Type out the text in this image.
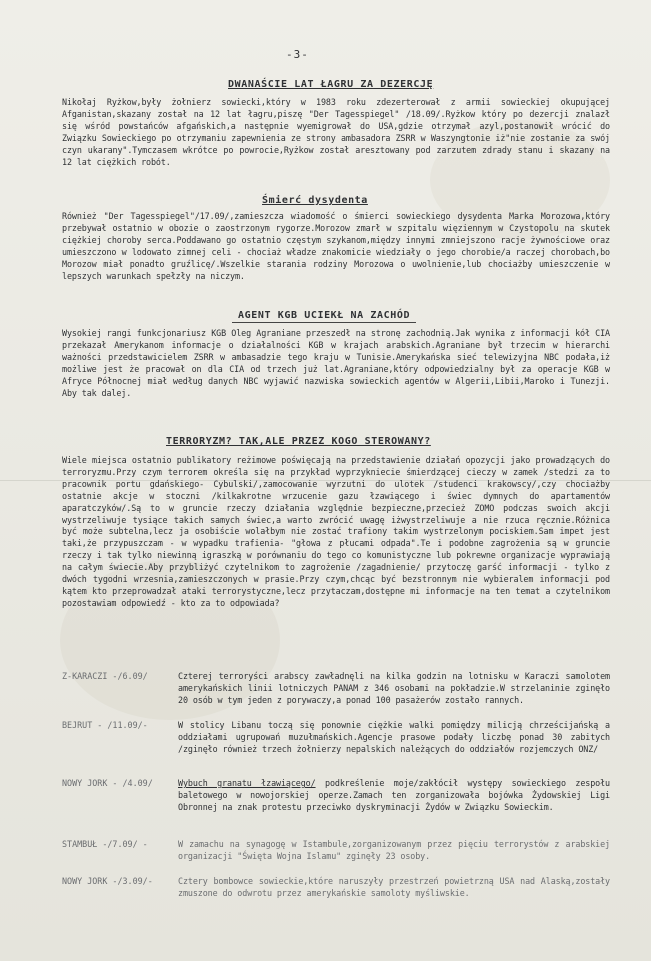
-3-
DWANAŚCIE LAT ŁAGRU ZA DEZERCJĘ
Nikołaj Ryżkow,były żołnierz sowiecki,który w 1983 roku zdezerterował z armii sowieckiej okupującej Afganistan,skazany został na 12 lat łagru,piszę "Der Tagesspiegel" /18.09/.Ryżkow który po dezercji znalazł się wśród powstańców afgańskich,a następnie wyemigrował do USA,gdzie otrzymał azyl,postanowił wrócić do Związku Sowieckiego po otrzymaniu zapewnienia ze strony ambasadora ZSRR w Waszyngtonie iż"nie zostanie za swój czyn ukarany".Tymczasem wkrótce po powrocie,Ryżkow został aresztowany pod zarzutem zdrady stanu i skazany na 12 lat ciężkich robót.
Śmierć dysydenta
Również "Der Tagesspiegel"/17.09/,zamieszcza wiadomość o śmierci sowieckiego dysydenta Marka Morozowa,który przebywał ostatnio w obozie o zaostrzonym rygorze.Morozow zmarł w szpitalu więziennym w Czystopolu na skutek ciężkiej choroby serca.Poddawano go ostatnio częstym szykanom,między innymi zmniejszono racje żywnościowe oraz umieszczono w lodowato zimnej celi - chociaż władze znakomicie wiedziały o jego chorobie/a raczej chorobach,bo Morozow miał ponadto gruźlicę/.Wszelkie starania rodziny Morozowa o uwolnienie,lub chociażby umieszczenie w lepszych warunkach spełzły na niczym.
AGENT KGB UCIEKŁ NA ZACHÓD
Wysokiej rangi funkcjonariusz KGB Oleg Agraniane przeszedł na stronę zachodnią.Jak wynika z informacji kół CIA przekazał Amerykanom informacje o działalności KGB w krajach arabskich.Agraniane był trzecim w hierarchi ważności przedstawicielem ZSRR w ambasadzie tego kraju w Tunisie.Amerykańska sieć telewizyjna NBC podała,iż możliwe jest że pracował on dla CIA od trzech już lat.Agraniane,który odpowiedzialny był za operacje KGB w Afryce Północnej miał według danych NBC wyjawić nazwiska sowieckich agentów w Algerii,Libii,Maroko i Tunezji. Aby tak dalej.
TERRORYZM? TAK,ALE PRZEZ KOGO STEROWANY?
Wiele miejsca ostatnio publikatory reżimowe poświęcają na przedstawienie działań opozycji jako prowadzących do terroryzmu.Przy czym terrorem określa się na przykład wyprzykniecie śmierdzącej cieczy w zamek /stedzi za to pracownik portu gdańskiego- Cybulski/,zamocowanie wyrzutni do ulotek /studenci krakowscy/,czy chociażby ostatnie akcje w stoczni /kilkakrotne wrzucenie gazu łzawiącego i świec dymnych do apartamentów aparatczyków/.Są to w gruncie rzeczy działania względnie bezpieczne,przecież ZOMO podczas swoich akcji wystrzeliwuje tysiące takich samych świec,a warto zwrócić uwagę iżwystrzeliwuje a nie rzuca ręcznie.Różnica być może subtelna,lecz ja osobiście wolałbym nie zostać trafiony takim wystrzelonym pociskiem.Sam impet jest taki,że przypuszczam - w wypadku trafienia- "głowa z płucami odpada".Te i podobne zagrożenia są w gruncie rzeczy i tak tylko niewinną igraszką w porównaniu do tego co komunistyczne lub pokrewne organizacje wyprawiają na całym świecie.Aby przybliżyć czytelnikom to zagrożenie /zagadnienie/ przytoczę garść informacji - tylko z dwóch tygodni wrzesnia,zamieszczonych w prasie.Przy czym,chcąc być bezstronnym nie wybieralem informacji pod kątem kto przeprowadzał ataki terrorystyczne,lecz przytaczam,dostępne mi informacje na ten temat a czytelnikom pozostawiam odpowiedź - kto za to odpowiada?
Z-KARACZI -/6.09/	Czterej terroryści arabscy zawładnęli na kilka godzin na lotnisku w Karaczi samolotem amerykańskich linii lotniczych PANAM z 346 osobami na pokładzie.W strzelaninie zginęło 20 osób w tym jeden z porywaczy,a ponad 100 pasażerów zostało rannych.
BEJRUT - /11.09/-	W stolicy Libanu toczą się ponownie ciężkie walki pomiędzy milicją chrześcijańską a oddziałami ugrupowań muzułmańskich.Agencje prasowe podały liczbę ponad 30 zabitych /zginęło również trzech żołnierzy nepalskich należących do oddziałów rozjemczych ONZ/
NOWY JORK - /4.09/	Wybuch granatu łzawiącego/ podkreślenie moje/zakłócił występy sowieckiego zespołu baletowego w nowojorskiej operze.Zamach ten zorganizowała bojówka Żydowskiej Ligi Obronnej na znak protestu przeciwko dyskryminacji Żydów w Związku Sowieckim.
STAMBUŁ -/7.09/ -	W zamachu na synagogę w Istambule,zorganizowanym przez pięciu terrorystów z arabskiej organizacji "Święta Wojna Islamu" zginęły 23 osoby.
NOWY JORK -/3.09/-	Cztery bombowce sowieckie,które naruszyły przestrzeń powietrzną USA nad Alaską,zostały zmuszone do odwrotu przez amerykańskie samoloty myśliwskie.
